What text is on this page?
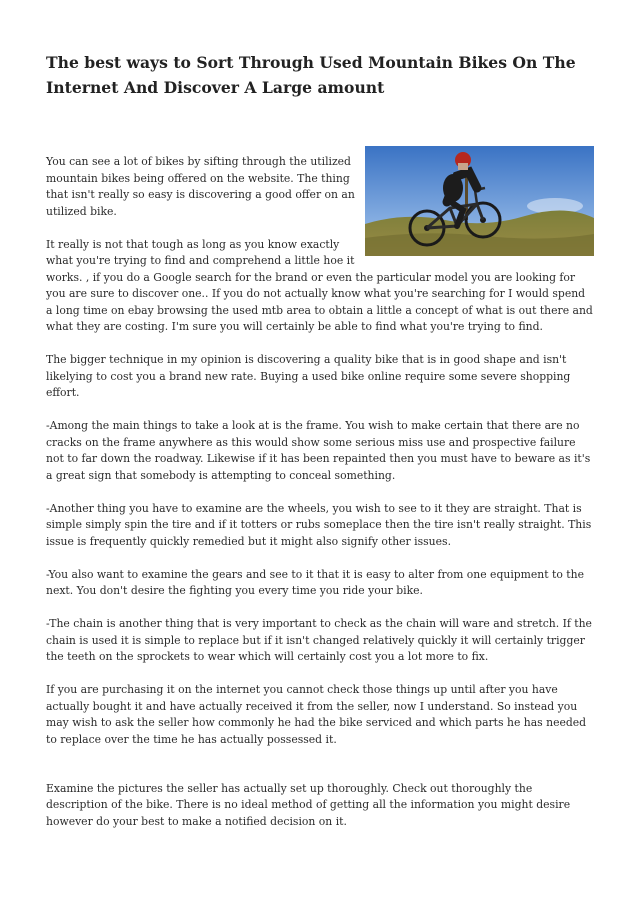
The best ways to Sort Through Used Mountain Bikes On The Internet And Discover A Large amount

You can see a lot of bikes by sifting through the utilized mountain bikes being offered on the website. The thing that isn't really so easy is discovering a good offer on an utilized bike.

It really is not that tough as long as you know exactly what you're trying to find and comprehend a little hoe it works. , if you do a Google search for the brand or even the particular model you are looking for you are sure to discover one.. If you do not actually know what you're searching for I would spend a long time on ebay browsing the used mtb area to obtain a little a concept of what is out there and what they are costing. I'm sure you will certainly be able to find what you're trying to find.

The bigger technique in my opinion is discovering a quality bike that is in good shape and isn't likelying to cost you a brand new rate. Buying a used bike online require some severe shopping effort.

-Among the main things to take a look at is the frame. You wish to make certain that there are no cracks on the frame anywhere as this would show some serious miss use and prospective failure not to far down the roadway. Likewise if it has been repainted then you must have to beware as it's a great sign that somebody is attempting to conceal something.

-Another thing you have to examine are the wheels, you wish to see to it they are straight. That is simple simply spin the tire and if it totters or rubs someplace then the tire isn't really straight. This issue is frequently quickly remedied but it might also signify other issues.

-You also want to examine the gears and see to it that it is easy to alter from one equipment to the next. You don't desire the fighting you every time you ride your bike.

-The chain is another thing that is very important to check as the chain will ware and stretch. If the chain is used it is simple to replace but if it isn't changed relatively quickly it will certainly trigger the teeth on the sprockets to wear which will certainly cost you a lot more to fix.

If you are purchasing it on the internet you cannot check those things up until after you have actually bought it and have actually received it from the seller, now I understand. So instead you may wish to ask the seller how commonly he had the bike serviced and which parts he has needed to replace over the time he has actually possessed it.

Examine the pictures the seller has actually set up thoroughly. Check out thoroughly the description of the bike. There is no ideal method of getting all the information you might desire however do your best to make a notified decision on it.
